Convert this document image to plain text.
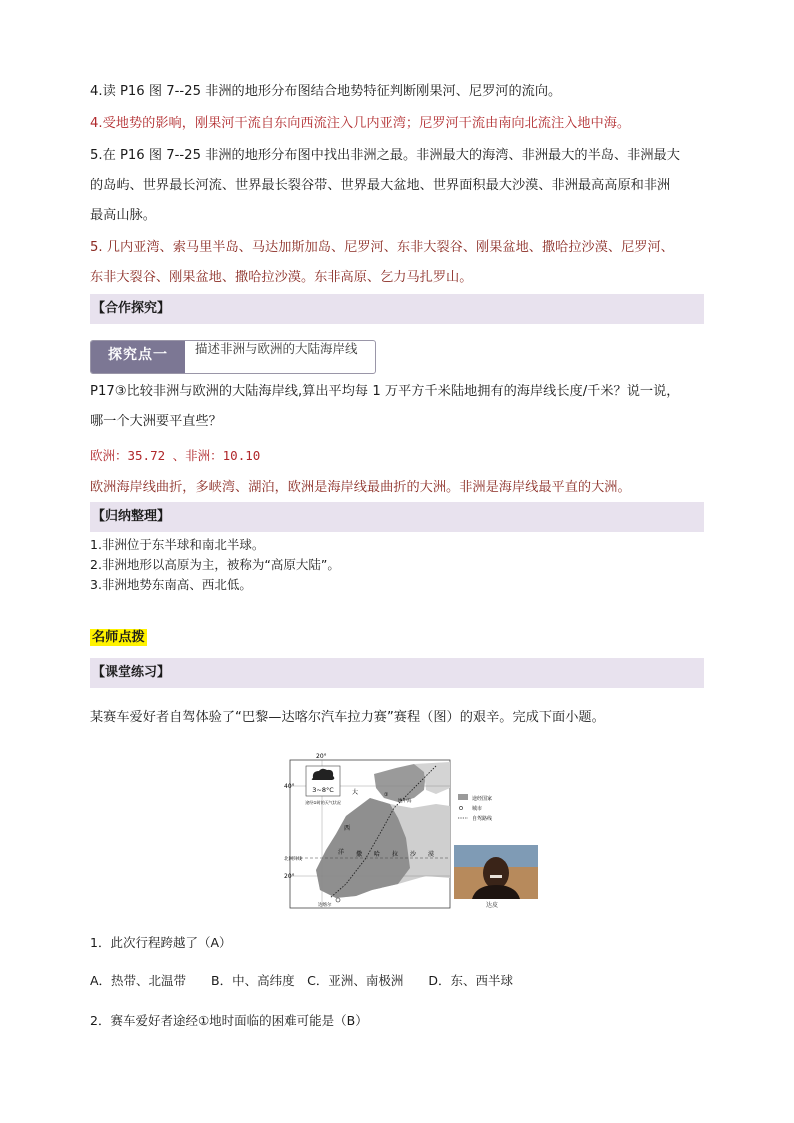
4.读 P16 图 7--25 非洲的地形分布图结合地势特征判断刚果河、尼罗河的流向。
4.受地势的影响，刚果河干流自东向西流注入几内亚湾；尼罗河干流由南向北流注入地中海。
5.在 P16 图 7--25 非洲的地形分布图中找出非洲之最。非洲最大的海湾、非洲最大的半岛、非洲最大
的岛屿、世界最长河流、世界最长裂谷带、世界最大盆地、世界面积最大沙漠、非洲最高高原和非洲
最高山脉。
5. 几内亚湾、索马里半岛、马达加斯加岛、尼罗河、东非大裂谷、刚果盆地、撒哈拉沙漠、尼罗河、
东非大裂谷、刚果盆地、撒哈拉沙漠。东非高原、乞力马扎罗山。
【合作探究】
探究点一	描述非洲与欧洲的大陆海岸线
P17③比较非洲与欧洲的大陆海岸线,算出平均每 1 万平方千米陆地拥有的海岸线长度/千米？说一说，
哪一个大洲要平直些？
欧洲：35.72 、非洲：10.10
欧洲海岸线曲折，多峡湾、湖泊，欧洲是海岸线最曲折的大洲。非洲是海岸线最平直的大洲。
【归纳整理】
1.非洲位于东半球和南北半球。
2.非洲地形以高原为主，被称为“高原大陆”。
3.非洲地势东南高、西北低。
名师点拨
【课堂练习】
某赛车爱好者自驾体验了“巴黎—达喀尔汽车拉力赛”赛程（图）的艰辛。完成下面小题。
3~8°C
途经①时的天气状况
40°
20°
北回归线
20°
大
西
洋
地中海
①
撒　　哈　　拉　　沙　　漠
达喀尔
途经国家
城市
自驾路线
达皮
1．此次行程跨越了（A）
A．热带、北温带　　B．中、高纬度　C．亚洲、南极洲　　D．东、西半球
2．赛车爱好者途经①地时面临的困难可能是（B）
